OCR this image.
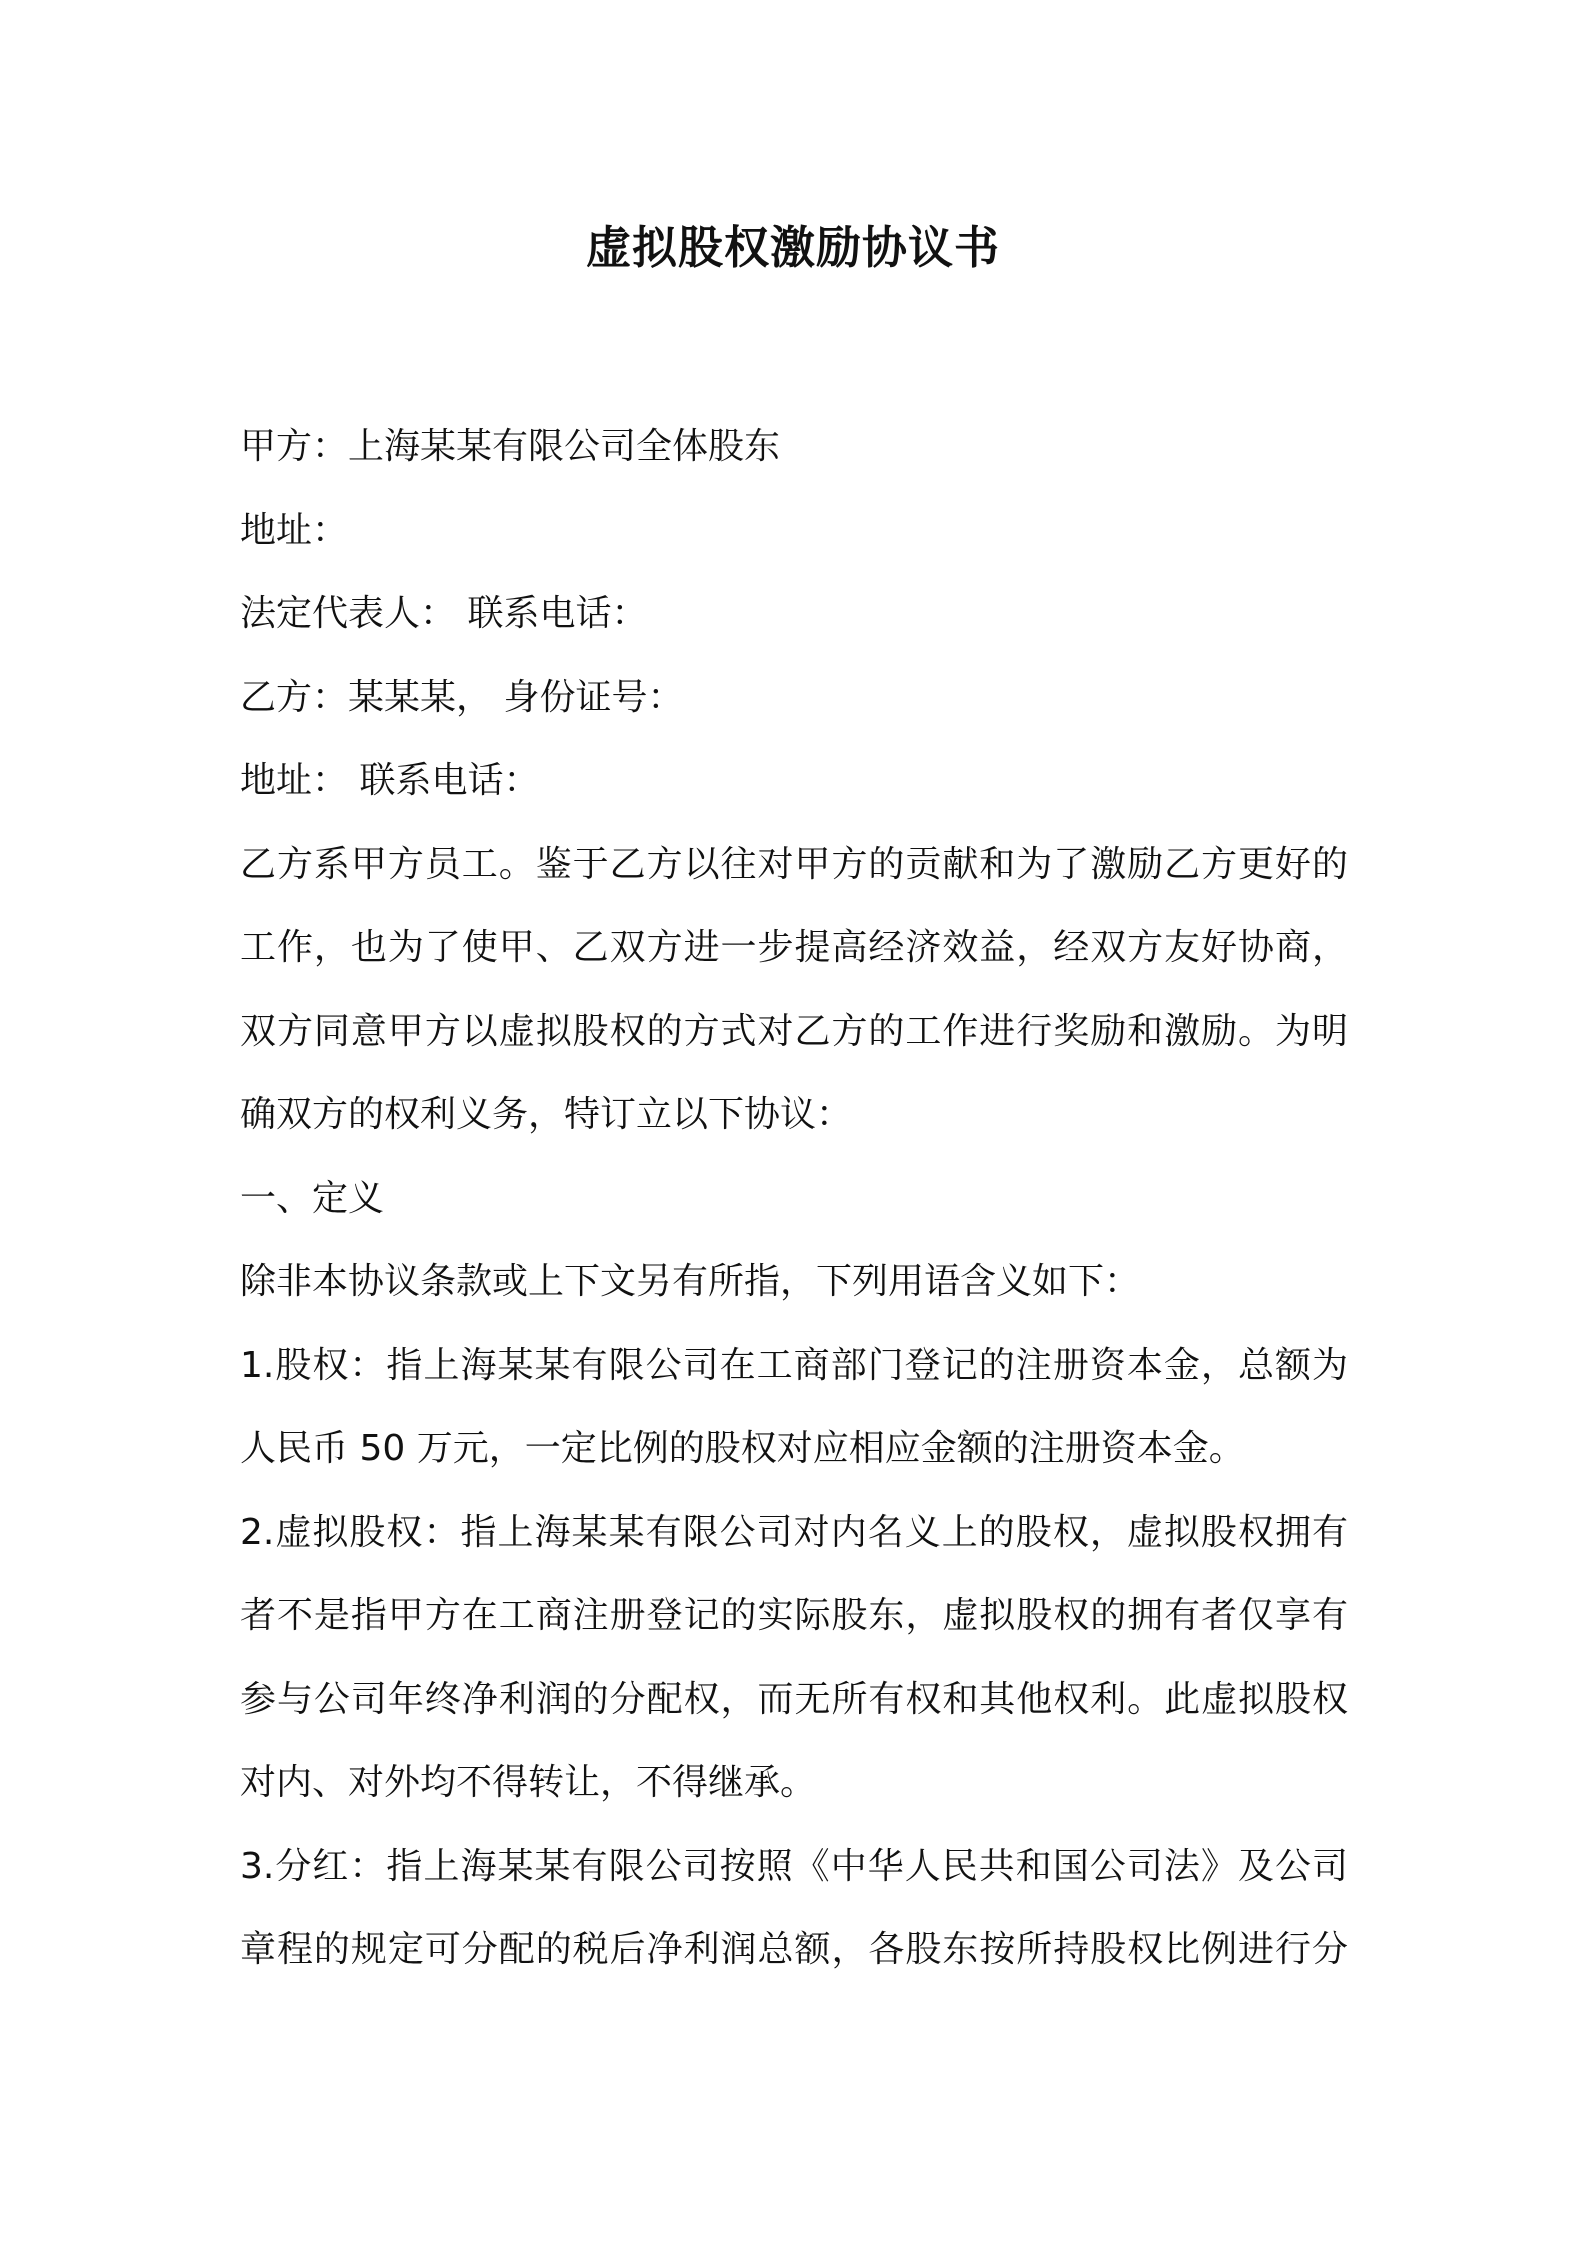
虚拟股权激励协议书
甲方：上海某某有限公司全体股东
地址：
法定代表人： 联系电话：
乙方：某某某， 身份证号：
地址： 联系电话：
乙方系甲方员工。鉴于乙方以往对甲方的贡献和为了激励乙方更好的
工作，也为了使甲、乙双方进一步提高经济效益，经双方友好协商，
双方同意甲方以虚拟股权的方式对乙方的工作进行奖励和激励。为明
确双方的权利义务，特订立以下协议：
一、定义
除非本协议条款或上下文另有所指，下列用语含义如下：
1.股权：指上海某某有限公司在工商部门登记的注册资本金，总额为
人民币 50 万元，一定比例的股权对应相应金额的注册资本金。
2.虚拟股权：指上海某某有限公司对内名义上的股权，虚拟股权拥有
者不是指甲方在工商注册登记的实际股东，虚拟股权的拥有者仅享有
参与公司年终净利润的分配权，而无所有权和其他权利。此虚拟股权
对内、对外均不得转让，不得继承。
3.分红：指上海某某有限公司按照《中华人民共和国公司法》及公司
章程的规定可分配的税后净利润总额，各股东按所持股权比例进行分
